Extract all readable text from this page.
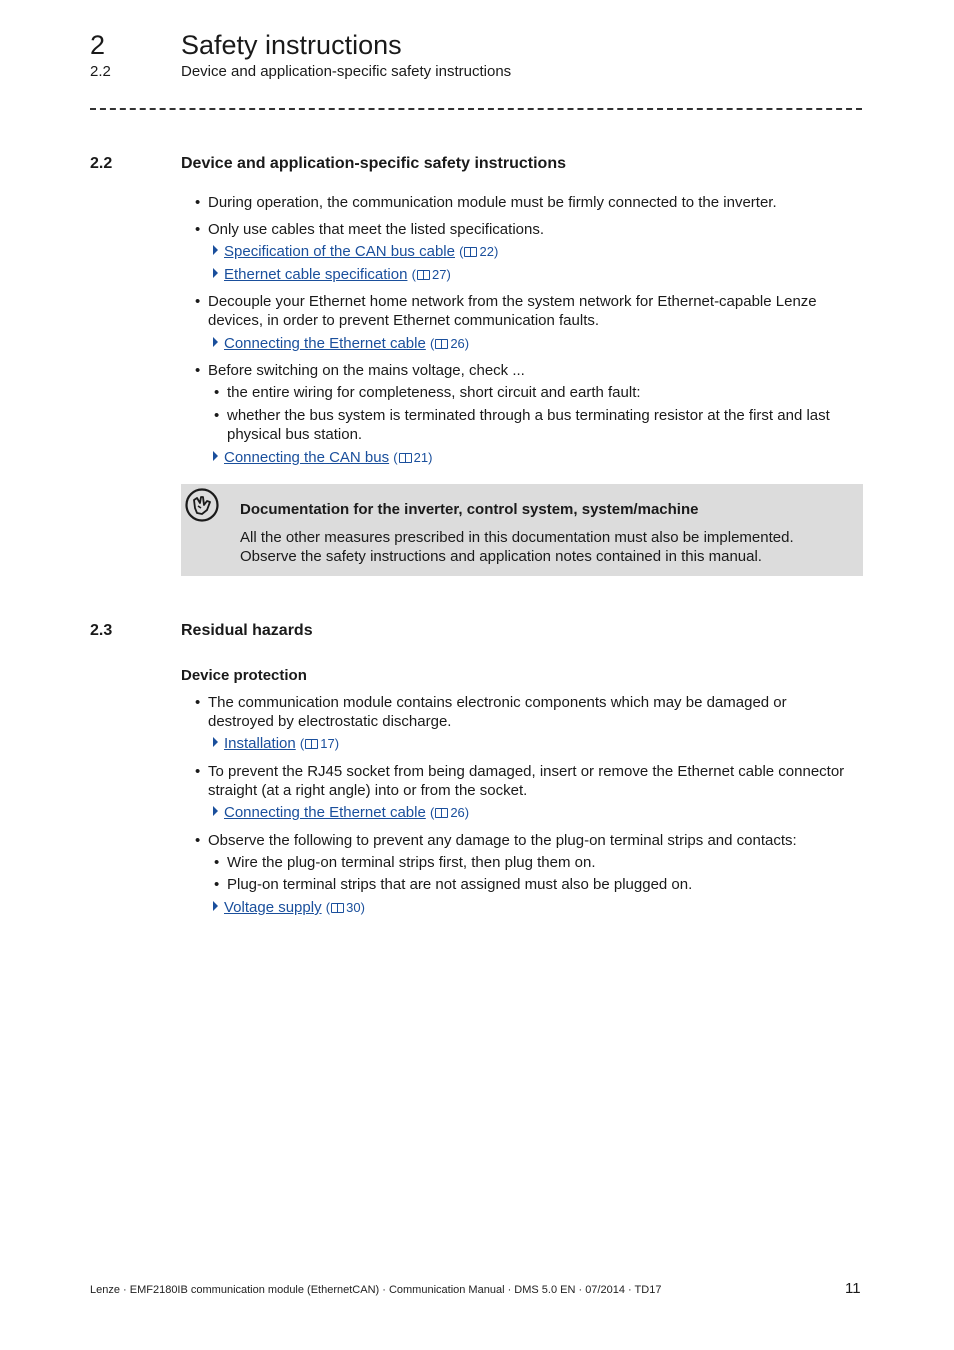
2	Safety instructions
2.2	Device and application-specific safety instructions
2.2	Device and application-specific safety instructions
• During operation, the communication module must be firmly connected to the inverter.
• Only use cables that meet the listed specifications.
Specification of the CAN bus cable ( 22)
Ethernet cable specification ( 27)
• Decouple your Ethernet home network from the system network for Ethernet-capable Lenze
devices, in order to prevent Ethernet communication faults.
Connecting the Ethernet cable ( 26)
• Before switching on the mains voltage, check ...
• the entire wiring for completeness, short circuit and earth fault:
• whether the bus system is terminated through a bus terminating resistor at the first and last
physical bus station.
Connecting the CAN bus ( 21)
Documentation for the inverter, control system, system/machine
All the other measures prescribed in this documentation must also be implemented.
Observe the safety instructions and application notes contained in this manual.
2.3	Residual hazards
Device protection
• The communication module contains electronic components which may be damaged or
destroyed by electrostatic discharge.
Installation ( 17)
• To prevent the RJ45 socket from being damaged, insert or remove the Ethernet cable connector
straight (at a right angle) into or from the socket.
Connecting the Ethernet cable ( 26)
• Observe the following to prevent any damage to the plug-on terminal strips and contacts:
• Wire the plug-on terminal strips first, then plug them on.
• Plug-on terminal strips that are not assigned must also be plugged on.
Voltage supply ( 30)
Lenze · EMF2180IB communication module (EthernetCAN) · Communication Manual · DMS 5.0 EN · 07/2014 · TD17	11
